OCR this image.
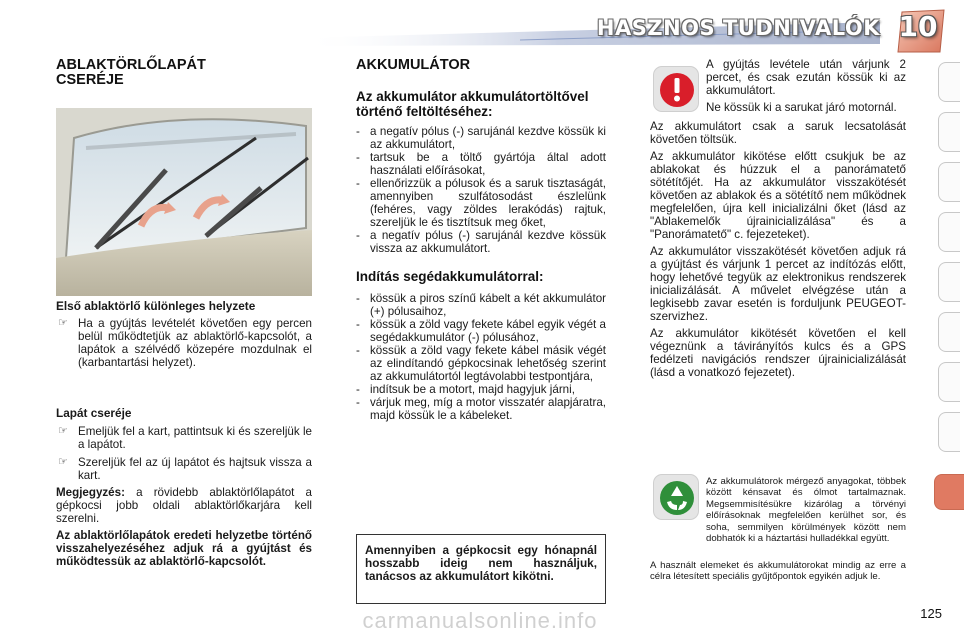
HASZNOS TUDNIVALÓK 10
ABLAKTÖRLŐLAPÁT
CSERÉJE
Első ablaktörlő különleges helyzete
☞ Ha a gyújtás levételét követően egy percen belül működtetjük az ablaktörlő-kapcsolót, a lapátok a szélvédő közepére mozdulnak el (karbantartási helyzet).
Lapát cseréje
☞ Emeljük fel a kart, pattintsuk ki és szereljük le a lapátot.
☞ Szereljük fel az új lapátot és hajtsuk vissza a kart.

Megjegyzés: a rövidebb ablaktörlőlapátot a gépkocsi jobb oldali ablaktörlőkarjára kell szerelni.

Az ablaktörlőlapátok eredeti helyzetbe történő visszahelyezéséhez adjuk rá a gyújtást és működtessük az ablaktörlő-kapcsolót.

AKKUMULÁTOR
Az akkumulátor akkumulátortöltővel történő feltöltéséhez:
- a negatív pólus (-) sarujánál kezdve kössük ki az akkumulátort,
- tartsuk be a töltő gyártója által adott használati előírásokat,
- ellenőrizzük a pólusok és a saruk tisztaságát, amennyiben szulfátosodást észlelünk (fehéres, vagy zöldes lerakódás) rajtuk, szereljük le és tisztítsuk meg őket,
- a negatív pólus (-) sarujánál kezdve kössük vissza az akkumulátort.
Indítás segédakkumulátorral:
- kössük a piros színű kábelt a két akkumulátor (+) pólusaihoz,
- kössük a zöld vagy fekete kábel egyik végét a segédakkumulátor (-) pólusához,
- kössük a zöld vagy fekete kábel másik végét az elindítandó gépkocsinak lehetőség szerint az akkumulátortól legtávolabbi testpontjára,
- indítsuk be a motort, majd hagyjuk járni,
- várjuk meg, míg a motor visszatér alapjáratra, majd kössük le a kábeleket.

Amennyiben a gépkocsit egy hónapnál hosszabb ideig nem használjuk, tanácsos az akkumulátort kikötni.

A gyújtás levétele után várjunk 2 percet, és csak ezután kössük ki az akkumulátort.

Ne kössük ki a sarukat járó motornál.

Az akkumulátort csak a saruk lecsatolását követően töltsük.

Az akkumulátor kikötése előtt csukjuk be az ablakokat és húzzuk el a panorámatető sötétítőjét. Ha az akkumulátor visszakötését követően az ablakok és a sötétítő nem működnek megfelelően, újra kell inicializálni őket (lásd az "Ablakemelők újrainicializálása" és a "Panorámatető" c. fejezeteket).

Az akkumulátor visszakötését követően adjuk rá a gyújtást és várjunk 1 percet az indítózás előtt, hogy lehetővé tegyük az elektronikus rendszerek inicializálását. A művelet elvégzése után a legkisebb zavar esetén is forduljunk PEUGEOT-szervizhez.

Az akkumulátor kikötését követően el kell végeznünk a távirányítós kulcs és a GPS fedélzeti navigációs rendszer újrainicializálását (lásd a vonatkozó fejezetet).

Az akkumulátorok mérgező anyagokat, többek között kénsavat és ólmot tartalmaznak. Megsemmisítésükre kizárólag a törvényi előírásoknak megfelelően kerülhet sor, és soha, semmilyen körülmények között nem dobhatók ki a háztartási hulladékkal együtt.

A használt elemeket és akkumulátorokat mindig az erre a célra létesített speciális gyűjtőpontok egyikén adjuk le.

125
carmanualsonline.info
